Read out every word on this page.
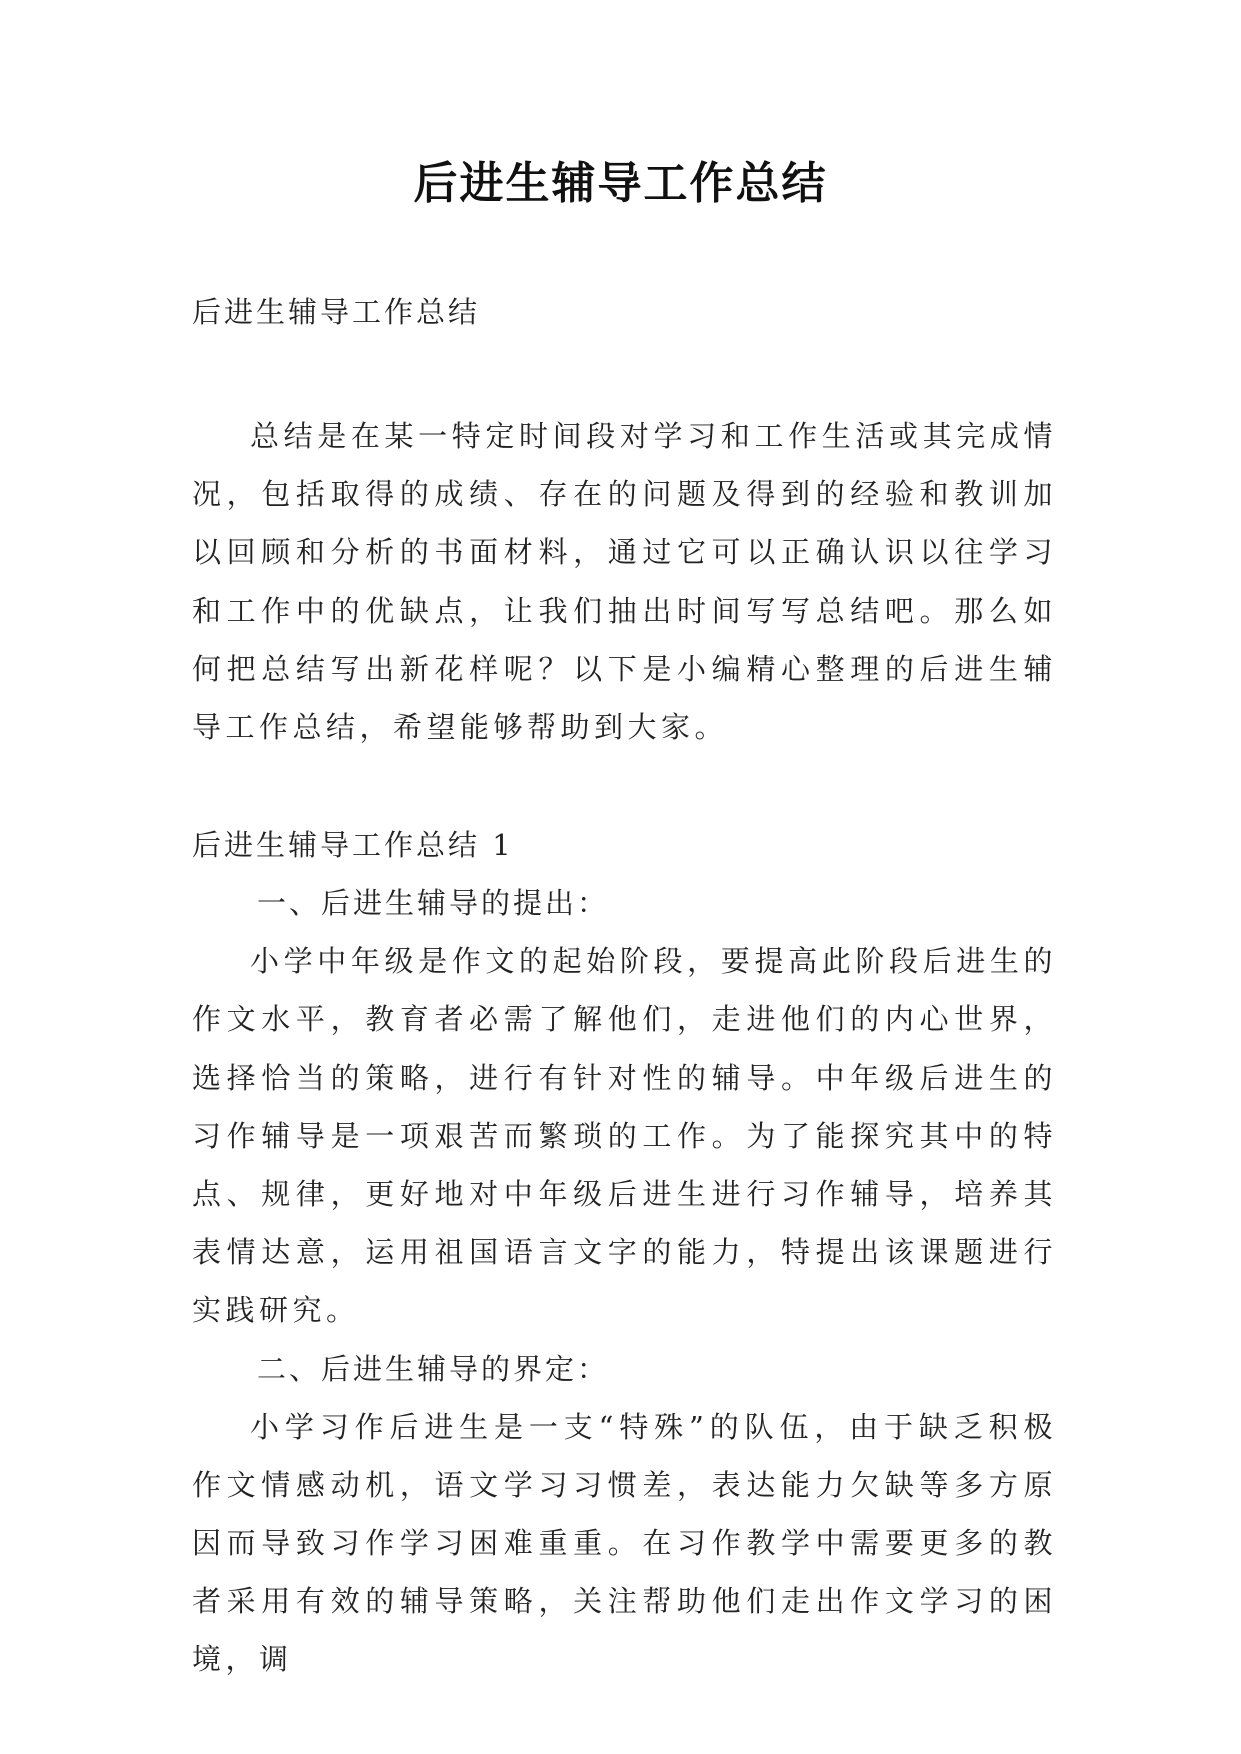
后进生辅导工作总结
后进生辅导工作总结

总结是在某一特定时间段对学习和工作生活或其完成情况，包括取得的成绩、存在的问题及得到的经验和教训加以回顾和分析的书面材料，通过它可以正确认识以往学习和工作中的优缺点，让我们抽出时间写写总结吧。那么如何把总结写出新花样呢？以下是小编精心整理的后进生辅导工作总结，希望能够帮助到大家。

后进生辅导工作总结 1
一、后进生辅导的提出：

小学中年级是作文的起始阶段，要提高此阶段后进生的作文水平，教育者必需了解他们，走进他们的内心世界，选择恰当的策略，进行有针对性的辅导。中年级后进生的习作辅导是一项艰苦而繁琐的工作。为了能探究其中的特点、规律，更好地对中年级后进生进行习作辅导，培养其表情达意，运用祖国语言文字的能力，特提出该课题进行实践研究。

二、后进生辅导的界定：

小学习作后进生是一支“特殊”的队伍，由于缺乏积极作文情感动机，语文学习习惯差，表达能力欠缺等多方原因而导致习作学习困难重重。在习作教学中需要更多的教者采用有效的辅导策略，关注帮助他们走出作文学习的困境，调
